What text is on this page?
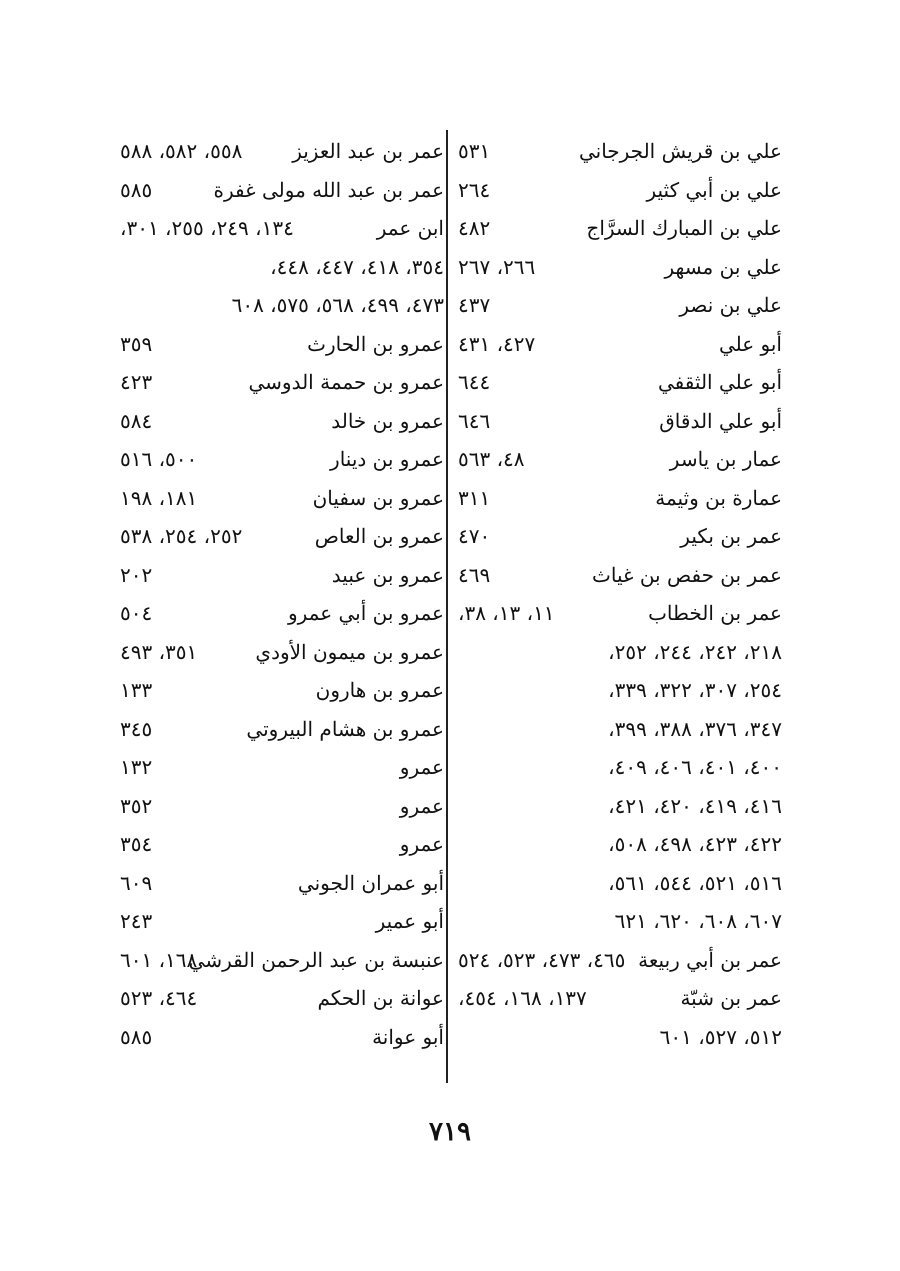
علي بن قريش الجرجاني
٥٣١
علي بن أبي كثير
٢٦٤
علي بن المبارك السرَّاج
٤٨٢
علي بن مسهر
٢٦٦، ٢٦٧
علي بن نصر
٤٣٧
أبو علي
٤٢٧، ٤٣١
أبو علي الثقفي
٦٤٤
أبو علي الدقاق
٦٤٦
عمار بن ياسر
٤٨، ٥٦٣
عمارة بن وثيمة
٣١١
عمر بن بكير
٤٧٠
عمر بن حفص بن غياث
٤٦٩
عمر بن الخطاب
١١، ١٣، ٣٨،
٢١٨، ٢٤٢، ٢٤٤، ٢٥٢،
٢٥٤، ٣٠٧، ٣٢٢، ٣٣٩،
٣٤٧، ٣٧٦، ٣٨٨، ٣٩٩،
٤٠٠، ٤٠١، ٤٠٦، ٤٠٩،
٤١٦، ٤١٩، ٤٢٠، ٤٢١،
٤٢٢، ٤٢٣، ٤٩٨، ٥٠٨،
٥١٦، ٥٢١، ٥٤٤، ٥٦١،
٦٠٧، ٦٠٨، ٦٢٠، ٦٢١
عمر بن أبي ربيعة
٤٦٥، ٤٧٣، ٥٢٣، ٥٢٤
عمر بن شبّة
١٣٧، ١٦٨، ٤٥٤،
٥١٢، ٥٢٧، ٦٠١
عمر بن عبد العزيز
٥٥٨، ٥٨٢، ٥٨٨
عمر بن عبد الله مولى غفرة
٥٨٥
ابن عمر
١٣٤، ٢٤٩، ٢٥٥، ٣٠١،
٣٥٤، ٤١٨، ٤٤٧، ٤٤٨،
٤٧٣، ٤٩٩، ٥٦٨، ٥٧٥، ٦٠٨
عمرو بن الحارث
٣٥٩
عمرو بن حممة الدوسي
٤٢٣
عمرو بن خالد
٥٨٤
عمرو بن دينار
٥٠٠، ٥١٦
عمرو بن سفيان
١٨١، ١٩٨
عمرو بن العاص
٢٥٢، ٢٥٤، ٥٣٨
عمرو بن عبيد
٢٠٢
عمرو بن أبي عمرو
٥٠٤
عمرو بن ميمون الأودي
٣٥١، ٤٩٣
عمرو بن هارون
١٣٣
عمرو بن هشام البيروتي
٣٤٥
عمرو
١٣٢
عمرو
٣٥٢
عمرو
٣٥٤
أبو عمران الجوني
٦٠٩
أبو عمير
٢٤٣
عنبسة بن عبد الرحمن القرشي
١٦٨، ٦٠١
عوانة بن الحكم
٤٦٤، ٥٢٣
أبو عوانة
٥٨٥
٧١٩
